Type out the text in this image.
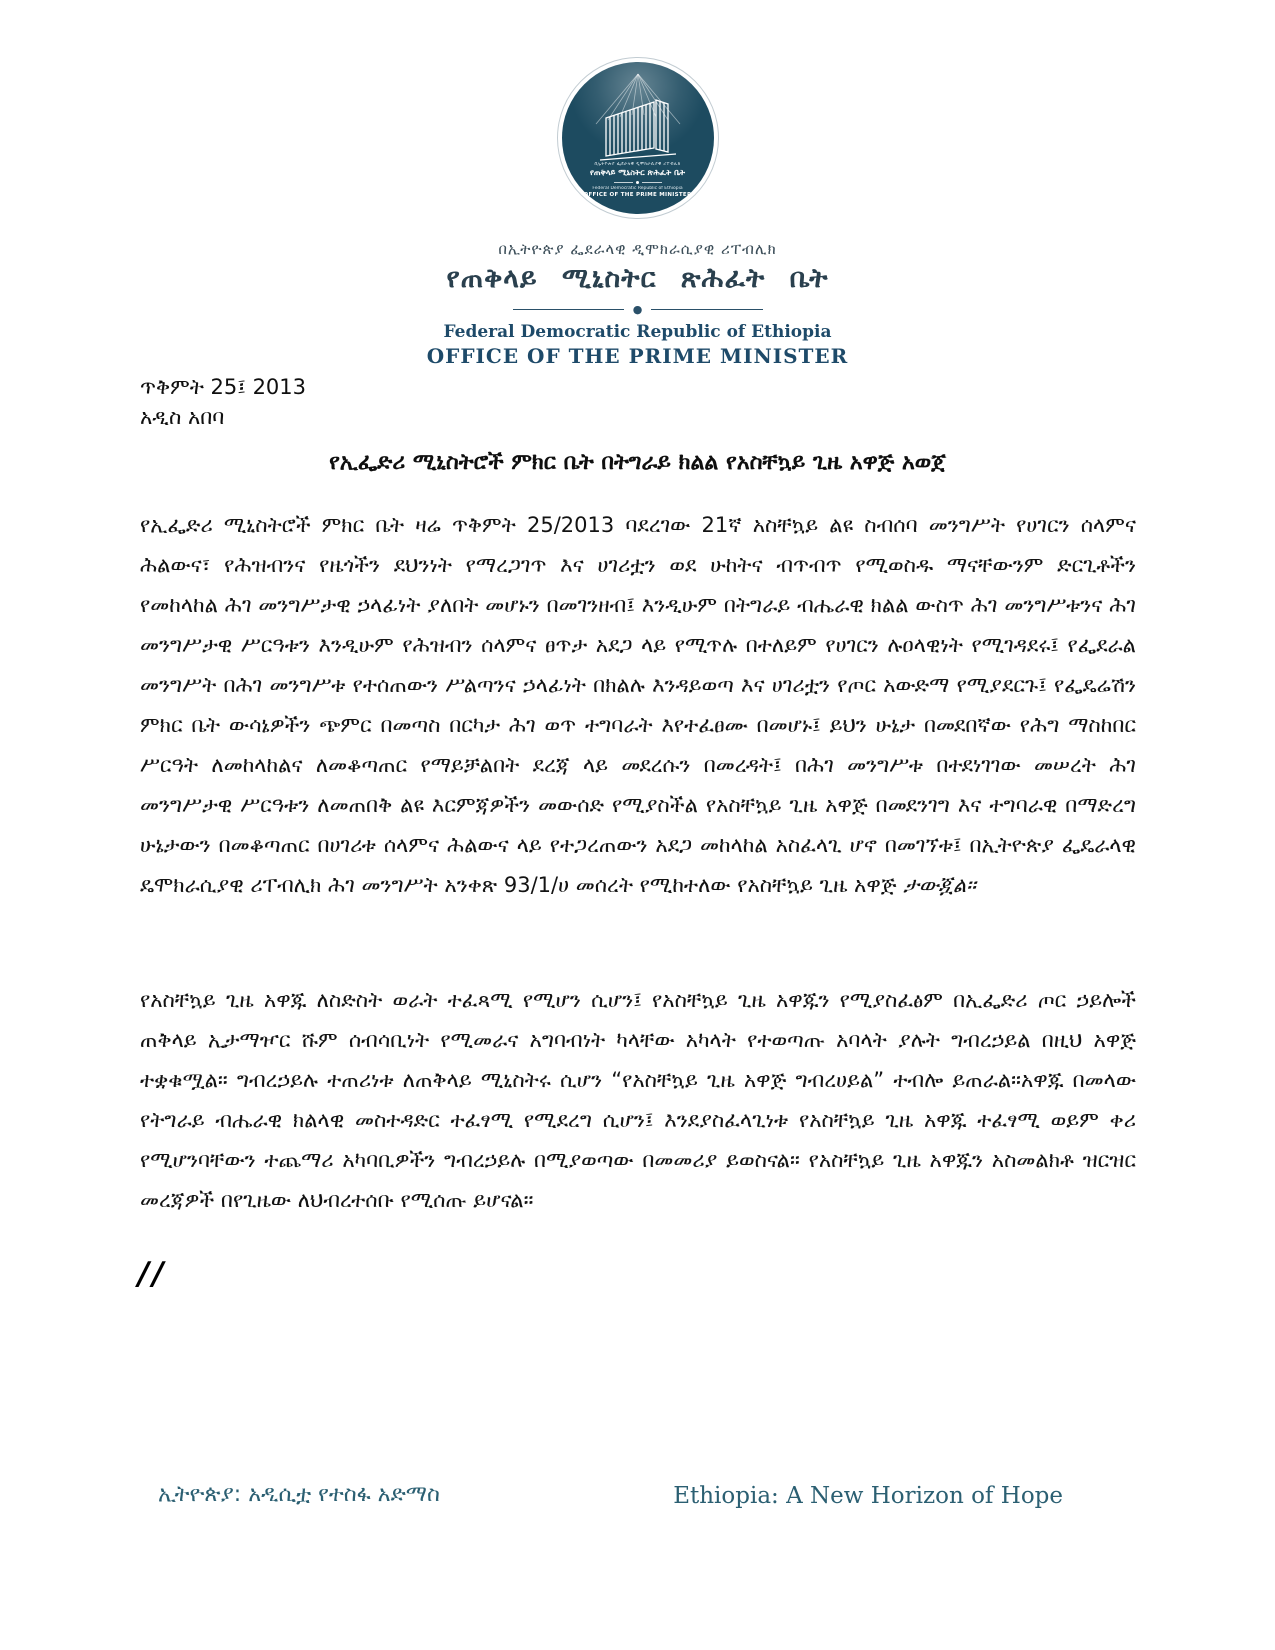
በኢትዮጵያ ፌደራላዊ ዲሞክራሲያዊ ሪፐብሊክ
የጠቅላይ ሚኒስትር ጽሕፈት ቤት
Federal Democratic Republic of Ethiopia
OFFICE OF THE PRIME MINISTER
በኢትዮጵያ ፌደራላዊ ዲሞክራሲያዊ ሪፐብሊክ
የጠቅላይ ሚኒስትር ጽሕፈት ቤት
●
Federal Democratic Republic of Ethiopia
OFFICE OF THE PRIME MINISTER
ጥቅምት 25፤ 2013
አዲስ አበባ
የኢፌድሪ ሚኒስትሮች ምክር ቤት በትግራይ ክልል የአስቸኳይ ጊዜ አዋጅ አወጀ

የኢፌድሪ ሚኒስትሮች ምክር ቤት ዛሬ ጥቅምት 25/2013 ባደረገው 21ኛ አስቸኳይ ልዩ ስብሰባ መንግሥት የሀገርን ሰላምና ሕልውና፣ የሕዝብንና የዜጎችን ደህንነት የማረጋገጥ እና ሀገሪቷን ወደ ሁከትና ብጥብጥ የሚወስዱ ማናቸውንም ድርጊቶችን የመከላከል ሕገ መንግሥታዊ ኃላፊነት ያለበት መሆኑን በመገንዘብ፤ እንዲሁም በትግራይ ብሔራዊ ክልል ውስጥ ሕገ መንግሥቱንና ሕገ መንግሥታዊ ሥርዓቱን እንዲሁም የሕዝብን ሰላምና ፀጥታ አደጋ ላይ የሚጥሉ በተለይም የሀገርን ሉዐላዊነት የሚገዳደሩ፤ የፌደራል መንግሥት በሕገ መንግሥቱ የተሰጠውን ሥልጣንና ኃላፊነት በክልሉ እንዳይወጣ እና ሀገሪቷን የጦር አውድማ የሚያደርጉ፤ የፌዴሬሽን ምክር ቤት ውሳኔዎችን ጭምር በመጣስ በርካታ ሕገ ወጥ ተግባራት እየተፈፀሙ በመሆኑ፤ ይህን ሁኔታ በመደበኛው የሕግ ማስከበር ሥርዓት ለመከላከልና ለመቆጣጠር የማይቻልበት ደረጃ ላይ መደረሱን በመረዳት፤ በሕገ መንግሥቱ በተደነገገው መሠረት ሕገ መንግሥታዊ ሥርዓቱን ለመጠበቅ ልዩ እርምጃዎችን መውሰድ የሚያስችል የአስቸኳይ ጊዜ አዋጅ በመደንገግ እና ተግባራዊ በማድረግ ሁኔታውን በመቆጣጠር በሀገሪቱ ሰላምና ሕልውና ላይ የተጋረጠውን አደጋ መከላከል አስፈላጊ ሆኖ በመገኘቱ፤ በኢትዮጵያ ፌዴራላዊ ዴሞክራሲያዊ ሪፐብሊክ ሕገ መንግሥት አንቀጽ 93/1/ሀ መሰረት የሚከተለው የአስቸኳይ ጊዜ አዋጅ ታውጇል።

የአስቸኳይ ጊዜ አዋጁ ለስድስት ወራት ተፈጻሚ የሚሆን ሲሆን፤ የአስቸኳይ ጊዜ አዋጁን የሚያስፈፅም በኢፌድሪ ጦር ኃይሎች ጠቅላይ ኢታማዦር ሹም ሰብሳቢነት የሚመራና አግባብነት ካላቸው አካላት የተወጣጡ አባላት ያሉት ግብረኃይል በዚህ አዋጅ ተቋቁሟል። ግብረኃይሉ ተጠሪነቱ ለጠቅላይ ሚኒስትሩ ሲሆን “የአስቸኳይ ጊዜ አዋጅ ግብረሀይል” ተብሎ ይጠራል።አዋጁ በመላው የትግራይ ብሔራዊ ክልላዊ መስተዳድር ተፈፃሚ የሚደረግ ሲሆን፤ እንደያስፈላጊነቱ የአስቸኳይ ጊዜ አዋጁ ተፈፃሚ ወይም ቀሪ የሚሆንባቸውን ተጨማሪ አካባቢዎችን ግብረኃይሉ በሚያወጣው በመመሪያ ይወስናል። የአስቸኳይ ጊዜ አዋጁን አስመልክቶ ዝርዝር መረጃዎች በየጊዜው ለህብረተሰቡ የሚሰጡ ይሆናል።

//
ኢትዮጵያ: አዲሲቷ የተስፋ አድማስ	Ethiopia: A New Horizon of Hope
